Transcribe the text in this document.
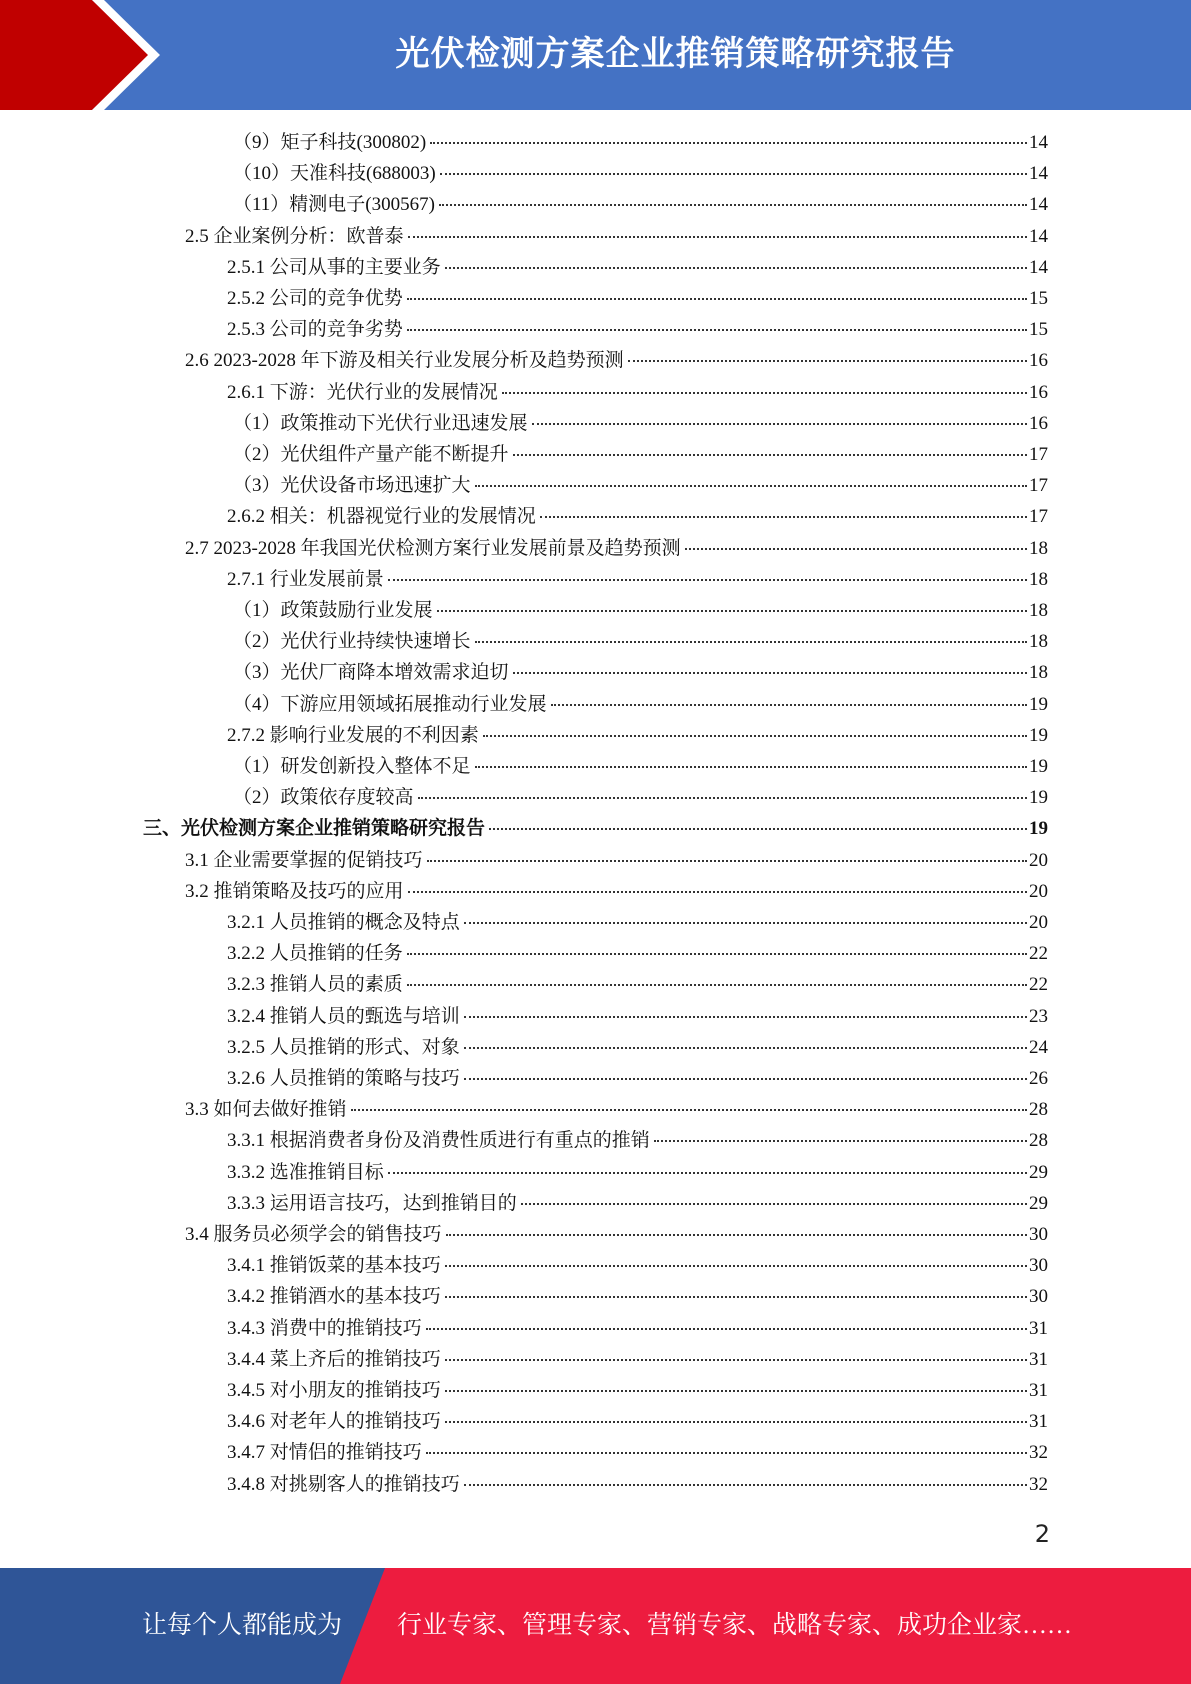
光伏检测方案企业推销策略研究报告
（9）矩子科技(300802)	14
（10）天准科技(688003)	14
（11）精测电子(300567)	14
2.5 企业案例分析：欧普泰	14
2.5.1 公司从事的主要业务	14
2.5.2 公司的竞争优势	15
2.5.3 公司的竞争劣势	15
2.6 2023-2028 年下游及相关行业发展分析及趋势预测	16
2.6.1 下游：光伏行业的发展情况	16
（1）政策推动下光伏行业迅速发展	16
（2）光伏组件产量产能不断提升	17
（3）光伏设备市场迅速扩大	17
2.6.2 相关：机器视觉行业的发展情况	17
2.7 2023-2028 年我国光伏检测方案行业发展前景及趋势预测	18
2.7.1 行业发展前景	18
（1）政策鼓励行业发展	18
（2）光伏行业持续快速增长	18
（3）光伏厂商降本增效需求迫切	18
（4）下游应用领域拓展推动行业发展	19
2.7.2 影响行业发展的不利因素	19
（1）研发创新投入整体不足	19
（2）政策依存度较高	19
三、光伏检测方案企业推销策略研究报告	19
3.1 企业需要掌握的促销技巧	20
3.2 推销策略及技巧的应用	20
3.2.1 人员推销的概念及特点	20
3.2.2 人员推销的任务	22
3.2.3 推销人员的素质	22
3.2.4 推销人员的甄选与培训	23
3.2.5 人员推销的形式、对象	24
3.2.6 人员推销的策略与技巧	26
3.3 如何去做好推销	28
3.3.1 根据消费者身份及消费性质进行有重点的推销	28
3.3.2 选准推销目标	29
3.3.3 运用语言技巧，达到推销目的	29
3.4 服务员必须学会的销售技巧	30
3.4.1 推销饭菜的基本技巧	30
3.4.2 推销酒水的基本技巧	30
3.4.3 消费中的推销技巧	31
3.4.4 菜上齐后的推销技巧	31
3.4.5 对小朋友的推销技巧	31
3.4.6 对老年人的推销技巧	31
3.4.7 对情侣的推销技巧	32
3.4.8 对挑剔客人的推销技巧	32
2
让每个人都能成为 行业专家、管理专家、营销专家、战略专家、成功企业家……
